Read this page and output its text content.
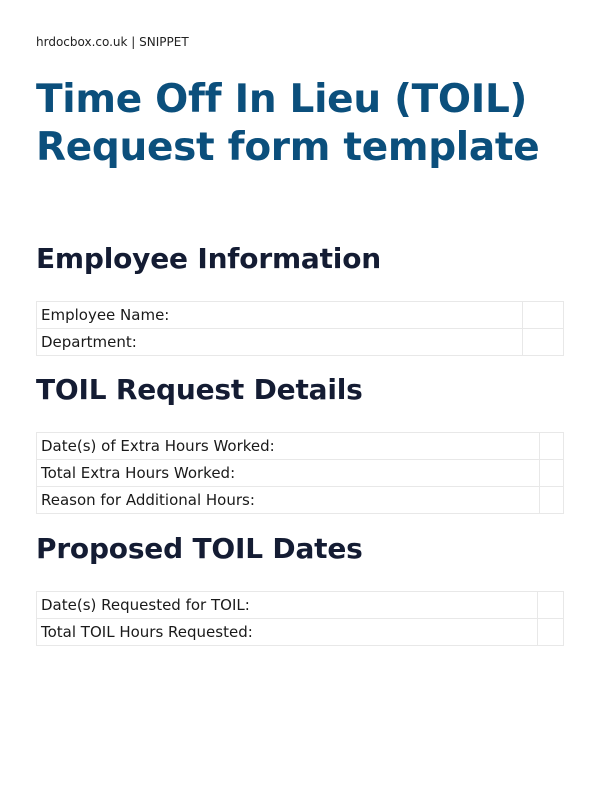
hrdocbox.co.uk | SNIPPET
Time Off In Lieu (TOIL)
Request form template
Employee Information
Employee Name:	
Department:	
TOIL Request Details
Date(s) of Extra Hours Worked:	
Total Extra Hours Worked:	
Reason for Additional Hours:	
Proposed TOIL Dates
Date(s) Requested for TOIL:	
Total TOIL Hours Requested:	
